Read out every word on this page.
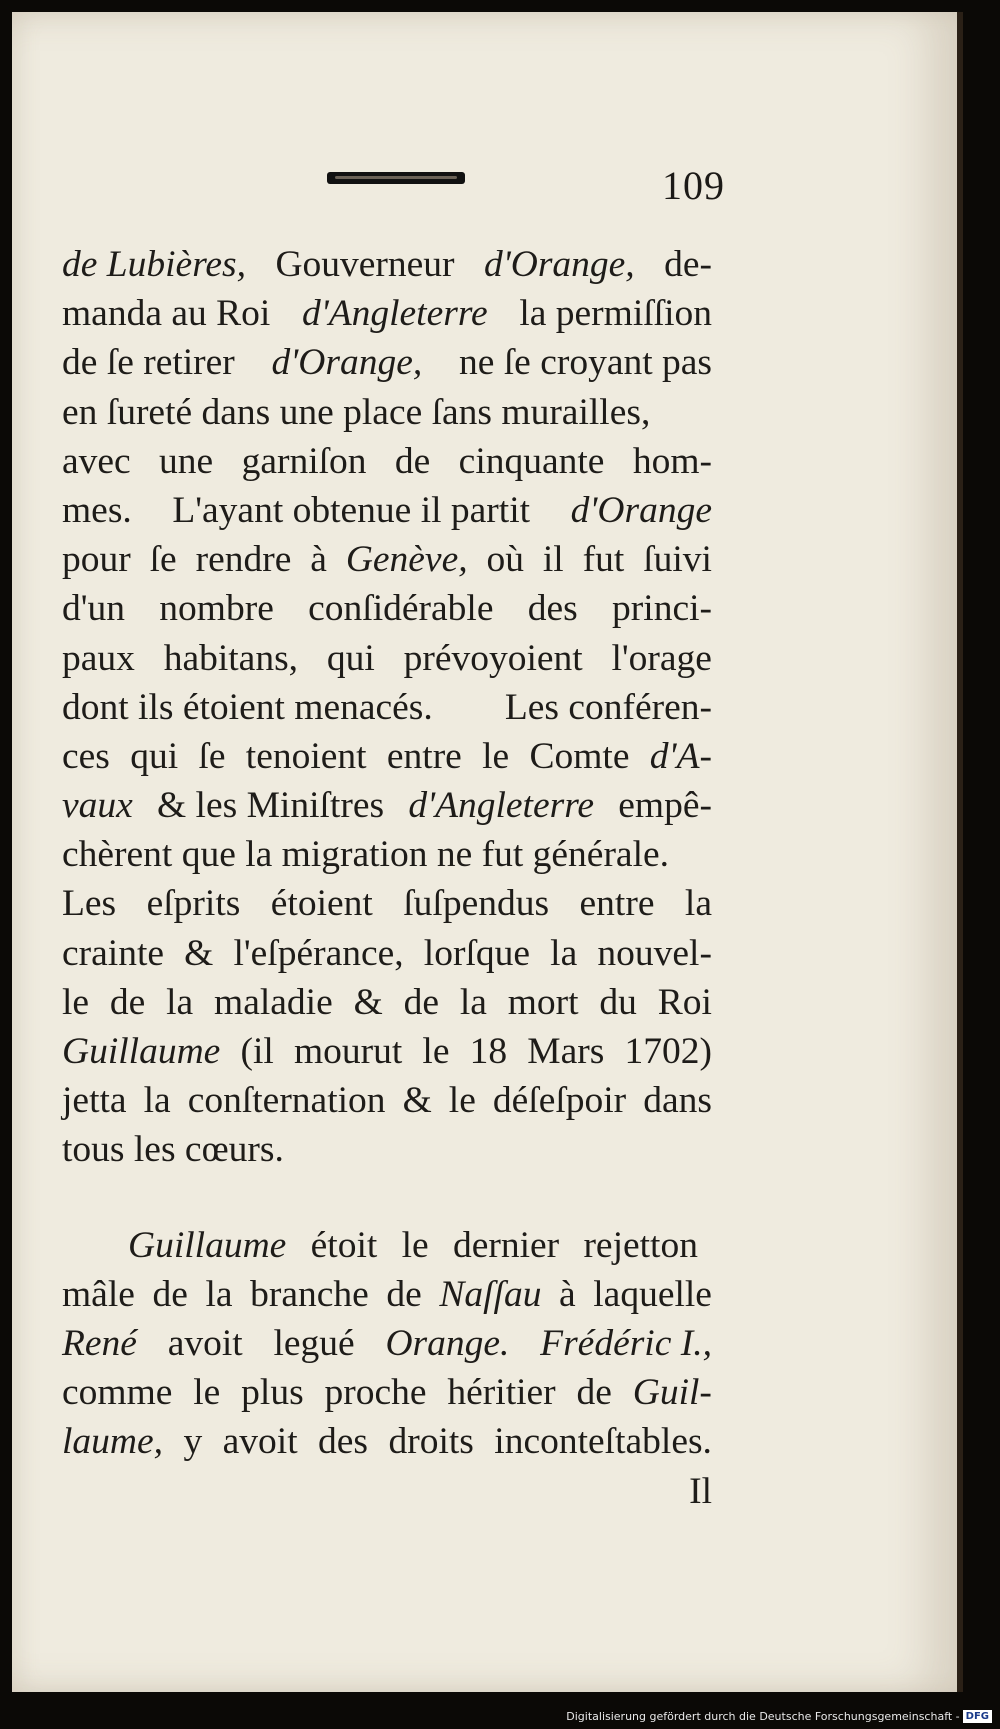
109
de Lubières, Gouverneur d'Orange, de-
manda au Roi d'Angleterre la permiſſion
de ſe retirer d'Orange, ne ſe croyant pas
en ſureté dans une place ſans murailles,
avec une garniſon de cinquante hom-
mes. L'ayant obtenue il partit d'Orange
pour ſe rendre à Genève, où il fut ſuivi
d'un nombre conſidérable des princi-
paux habitans, qui prévoyoient l'orage
dont ils étoient menacés. Les conféren-
ces qui ſe tenoient entre le Comte d'A-
vaux & les Miniſtres d'Angleterre empê-
chèrent que la migration ne fut générale.
Les eſprits étoient ſuſpendus entre la
crainte & l'eſpérance, lorſque la nouvel-
le de la maladie & de la mort du Roi
Guillaume (il mourut le 18 Mars 1702)
jetta la conſternation & le déſeſpoir dans
tous les cœurs.
Guillaume étoit le dernier rejetton
mâle de la branche de Naſſau à laquelle
René avoit legué Orange. Frédéric I.,
comme le plus proche héritier de Guil-
laume, y avoit des droits inconteſtables.
Il
Digitalisierung gefördert durch die Deutsche Forschungsgemeinschaft - DFG
